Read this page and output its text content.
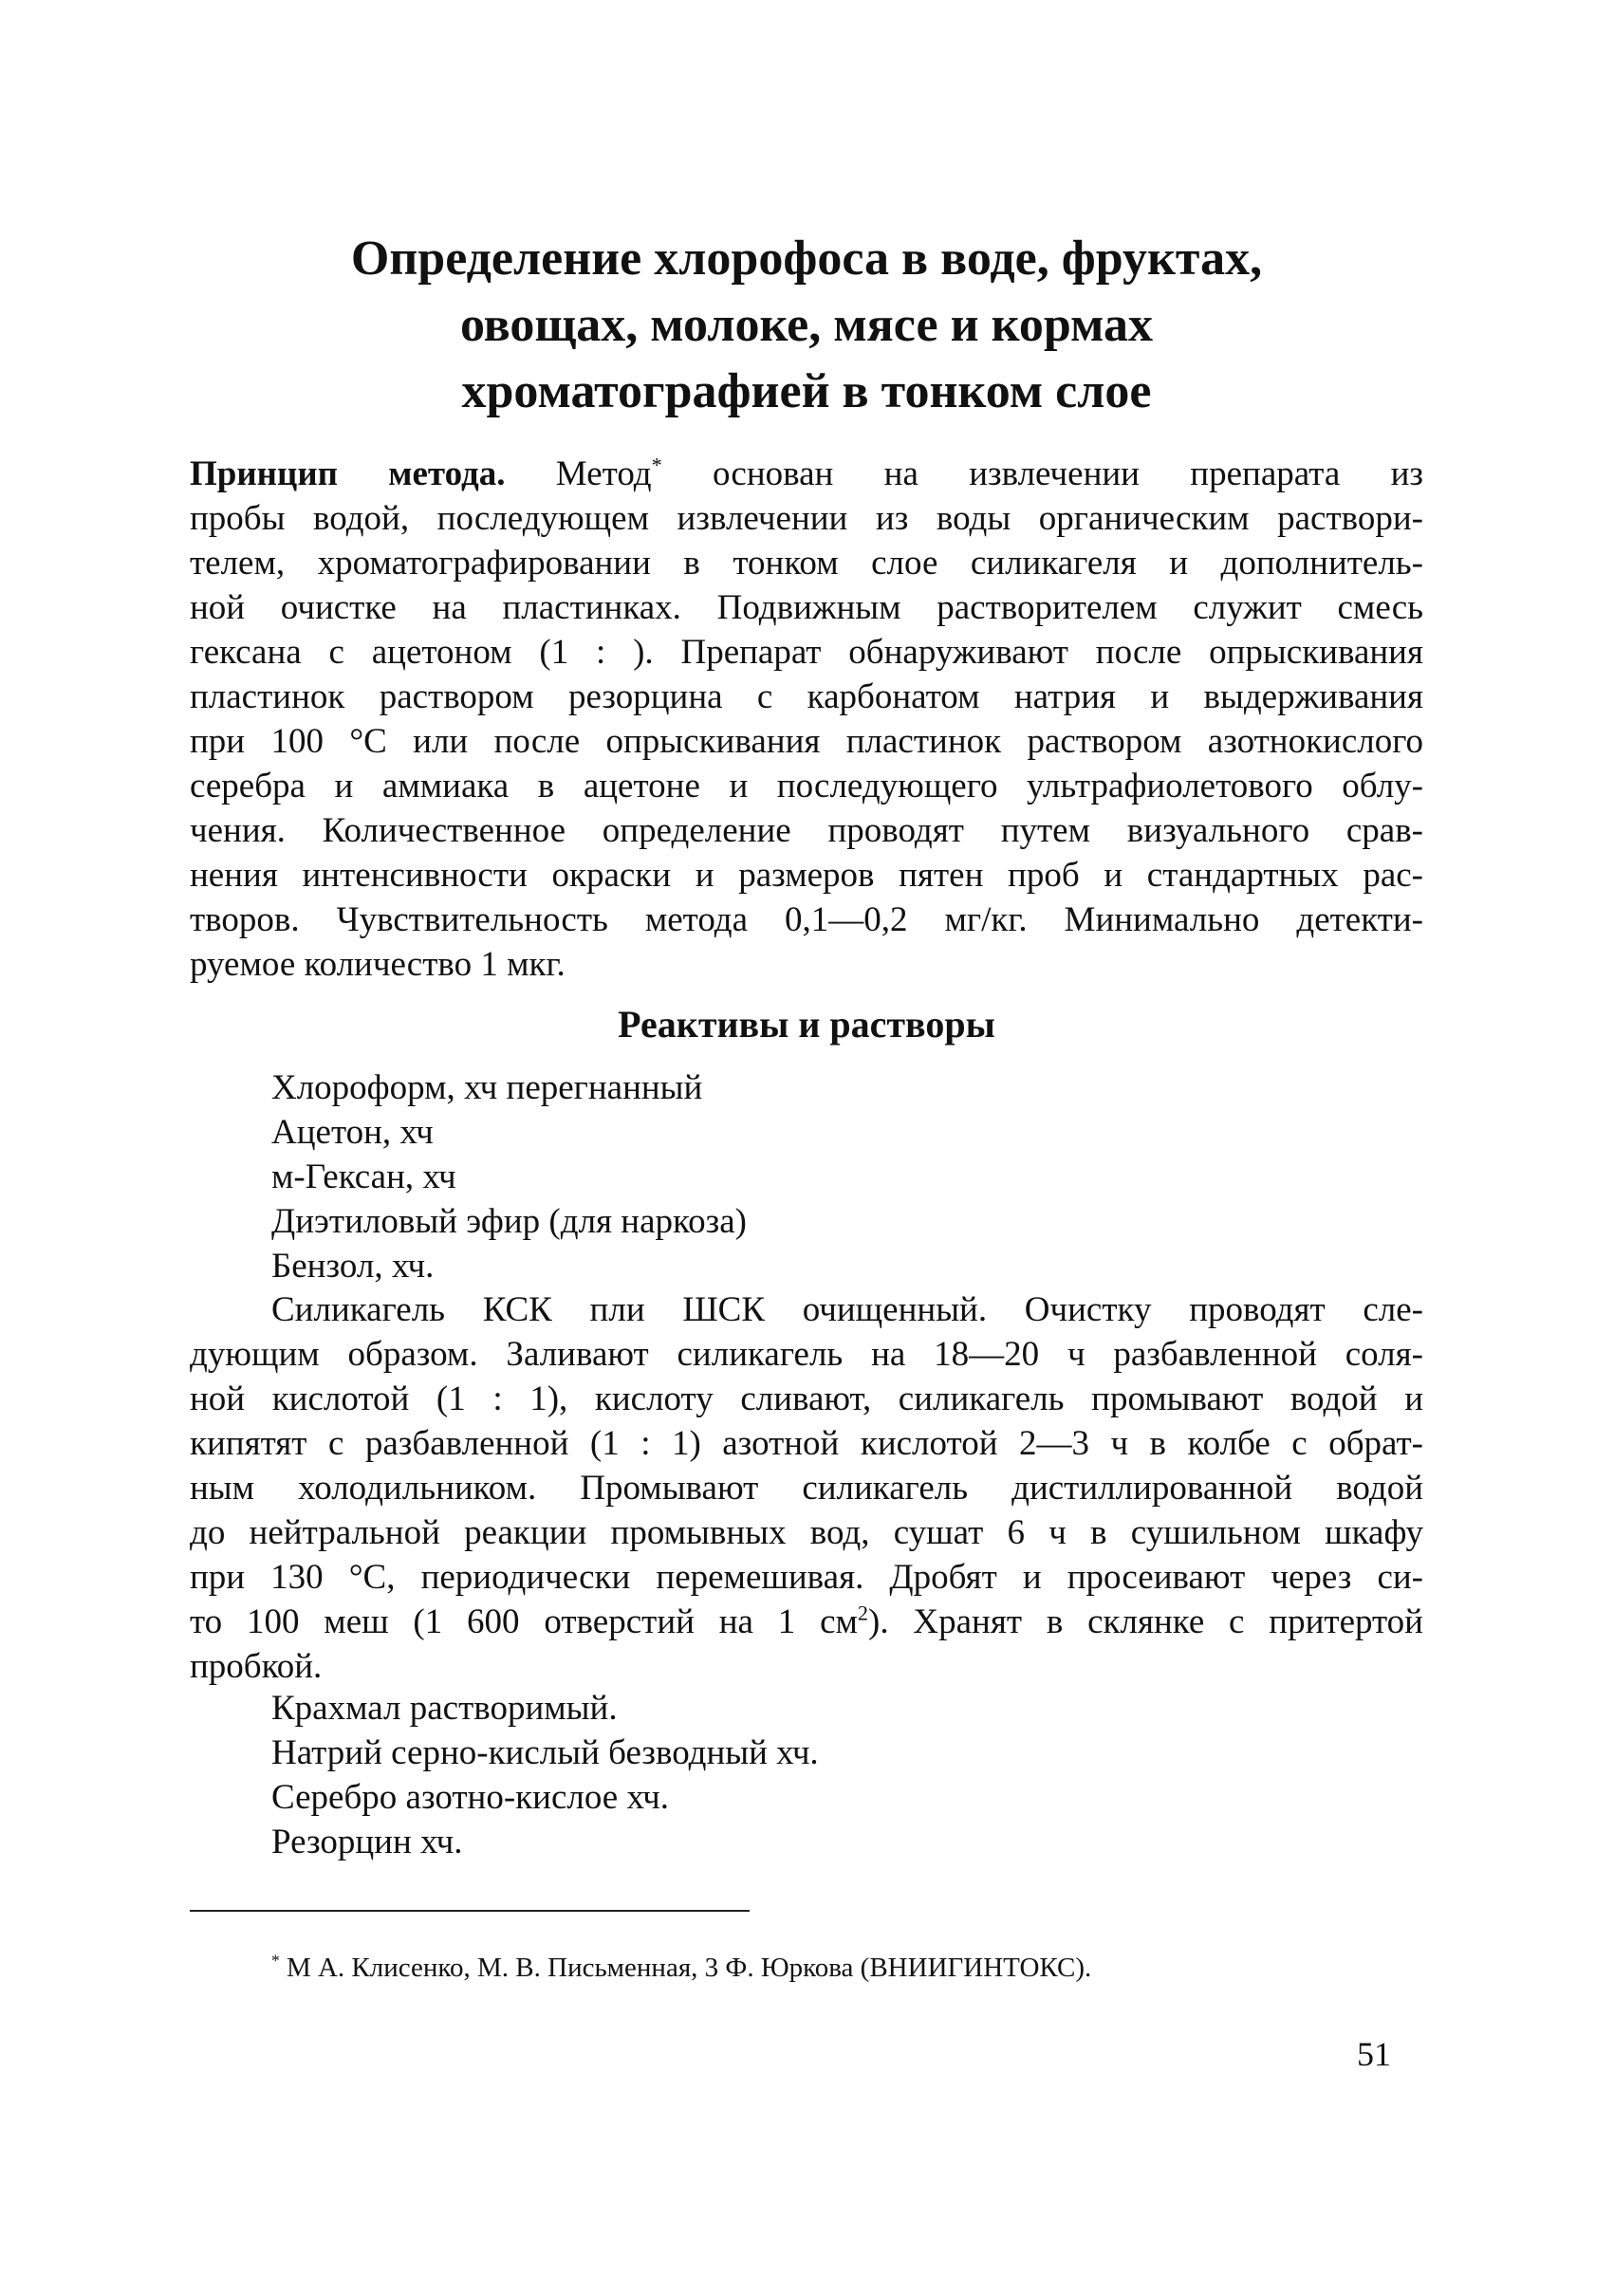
Определение хлорофоса в воде, фруктах,
овощах, молоке, мясе и кормах
хроматографией в тонком слое
Принцип метода. Метод* основан на извлечении препарата из
пробы водой, последующем извлечении из воды органическим раствори-
телем, хроматографировании в тонком слое силикагеля и дополнитель-
ной очистке на пластинках. Подвижным растворителем служит смесь
гексана с ацетоном (1 : ). Препарат обнаруживают после опрыскивания
пластинок раствором резорцина с карбонатом натрия и выдерживания
при 100 °С или после опрыскивания пластинок раствором азотнокислого
серебра и аммиака в ацетоне и последующего ультрафиолетового облу-
чения. Количественное определение проводят путем визуального срав-
нения интенсивности окраски и размеров пятен проб и стандартных рас-
творов. Чувствительность метода 0,1—0,2 мг/кг. Минимально детекти-
руемое количество 1 мкг.
Реактивы и растворы
Хлороформ, хч перегнанный
Ацетон, хч
м-Гексан, хч
Диэтиловый эфир (для наркоза)
Бензол, хч.
Силикагель КСК пли ШСК очищенный. Очистку проводят сле-
дующим образом. Заливают силикагель на 18—20 ч разбавленной соля-
ной кислотой (1 : 1), кислоту сливают, силикагель промывают водой и
кипятят с разбавленной (1 : 1) азотной кислотой 2—3 ч в колбе с обрат-
ным холодильником. Промывают силикагель дистиллированной водой
до нейтральной реакции промывных вод, сушат 6 ч в сушильном шкафу
при 130 °С, периодически перемешивая. Дробят и просеивают через си-
то 100 меш (1 600 отверстий на 1 $см^2$). Хранят в склянке с притертой
пробкой.
Крахмал растворимый.
Натрий серно-кислый безводный хч.
Серебро азотно-кислое хч.
Резорцин хч.

* М А. Клисенко, М. В. Письменная, 3 Ф. Юркова (ВНИИГИНТОКС).

51
